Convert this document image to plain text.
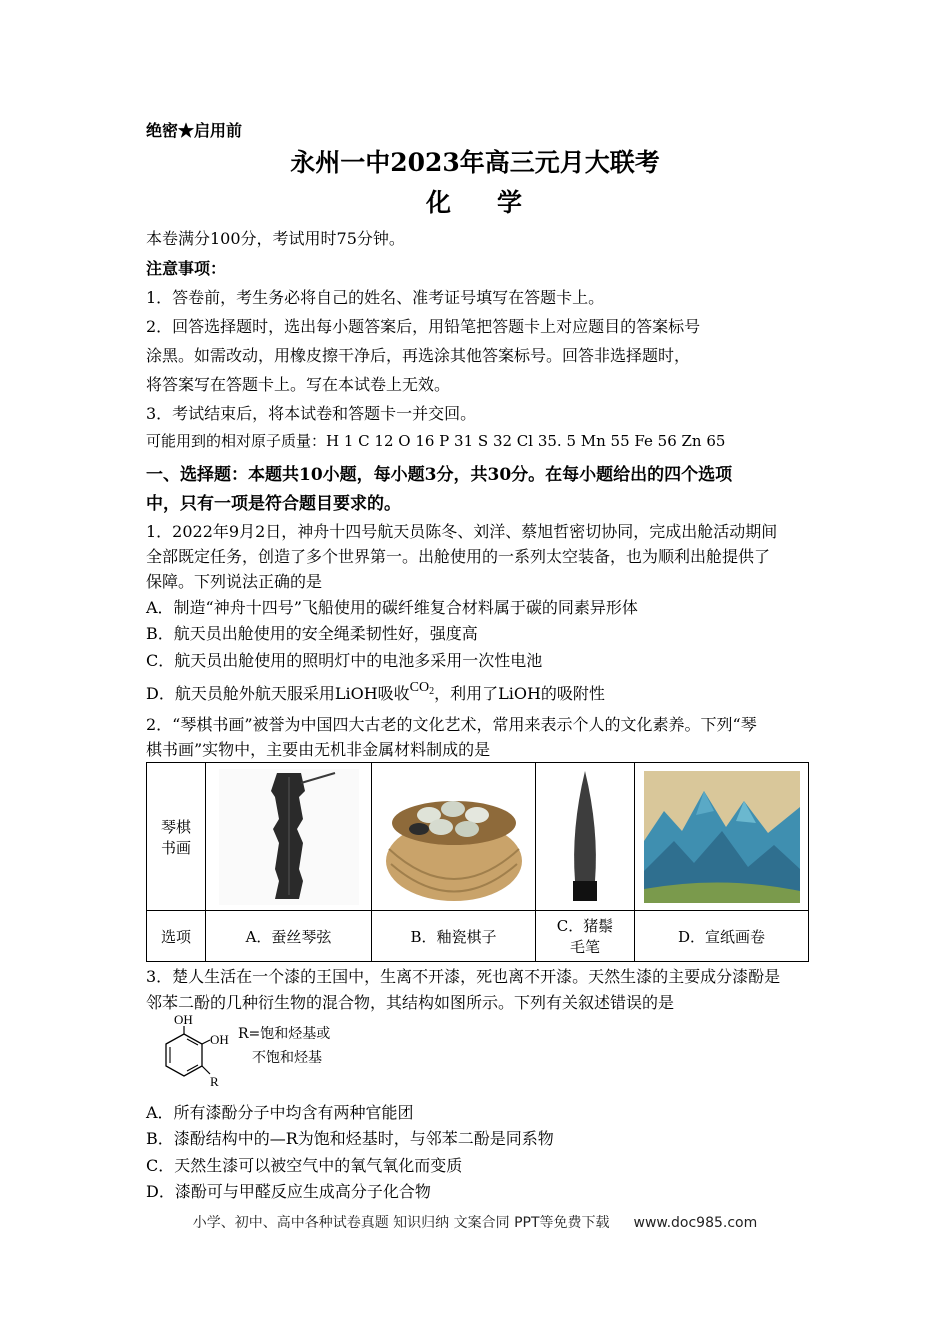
绝密★启用前
永州一中2023年高三元月大联考
化 学
本卷满分100分，考试用时75分钟。
注意事项：
1．答卷前，考生务必将自己的姓名、准考证号填写在答题卡上。
2．回答选择题时，选出每小题答案后，用铅笔把答题卡上对应题目的答案标号
涂黑。如需改动，用橡皮擦干净后，再选涂其他答案标号。回答非选择题时，
将答案写在答题卡上。写在本试卷上无效。
3．考试结束后，将本试卷和答题卡一并交回。
可能用到的相对原子质量：H 1 C 12 O 16 P 31 S 32 Cl 35. 5 Mn 55 Fe 56 Zn 65
一、选择题：本题共10小题，每小题3分，共30分。在每小题给出的四个选项
中，只有一项是符合题目要求的。
1．2022年9月2日，神舟十四号航天员陈冬、刘洋、蔡旭哲密切协同，完成出舱活动期间
全部既定任务，创造了多个世界第一。出舱使用的一系列太空装备，也为顺利出舱提供了
保障。下列说法正确的是
A．制造“神舟十四号”飞船使用的碳纤维复合材料属于碳的同素异形体
B．航天员出舱使用的安全绳柔韧性好，强度高
C．航天员出舱使用的照明灯中的电池多采用一次性电池
D．航天员舱外航天服采用LiOH吸收$CO_2$，利用了LiOH的吸附性
2．“琴棋书画”被誉为中国四大古老的文化艺术，常用来表示个人的文化素养。下列“琴
棋书画”实物中，主要由无机非金属材料制成的是
琴棋
书画	

选项	A．蚕丝琴弦	B．釉瓷棋子	C．猪鬃
毛笔	D．宣纸画卷
3．楚人生活在一个漆的王国中，生离不开漆，死也离不开漆。天然生漆的主要成分漆酚是
邻苯二酚的几种衍生物的混合物，其结构如图所示。下列有关叙述错误的是
OH
OH
R
R=饱和烃基或
不饱和烃基
A．所有漆酚分子中均含有两种官能团
B．漆酚结构中的—R为饱和烃基时，与邻苯二酚是同系物
C．天然生漆可以被空气中的氧气氧化而变质
D．漆酚可与甲醛反应生成高分子化合物
小学、初中、高中各种试卷真题 知识归纳 文案合同 PPT等免费下载 www.doc985.com
